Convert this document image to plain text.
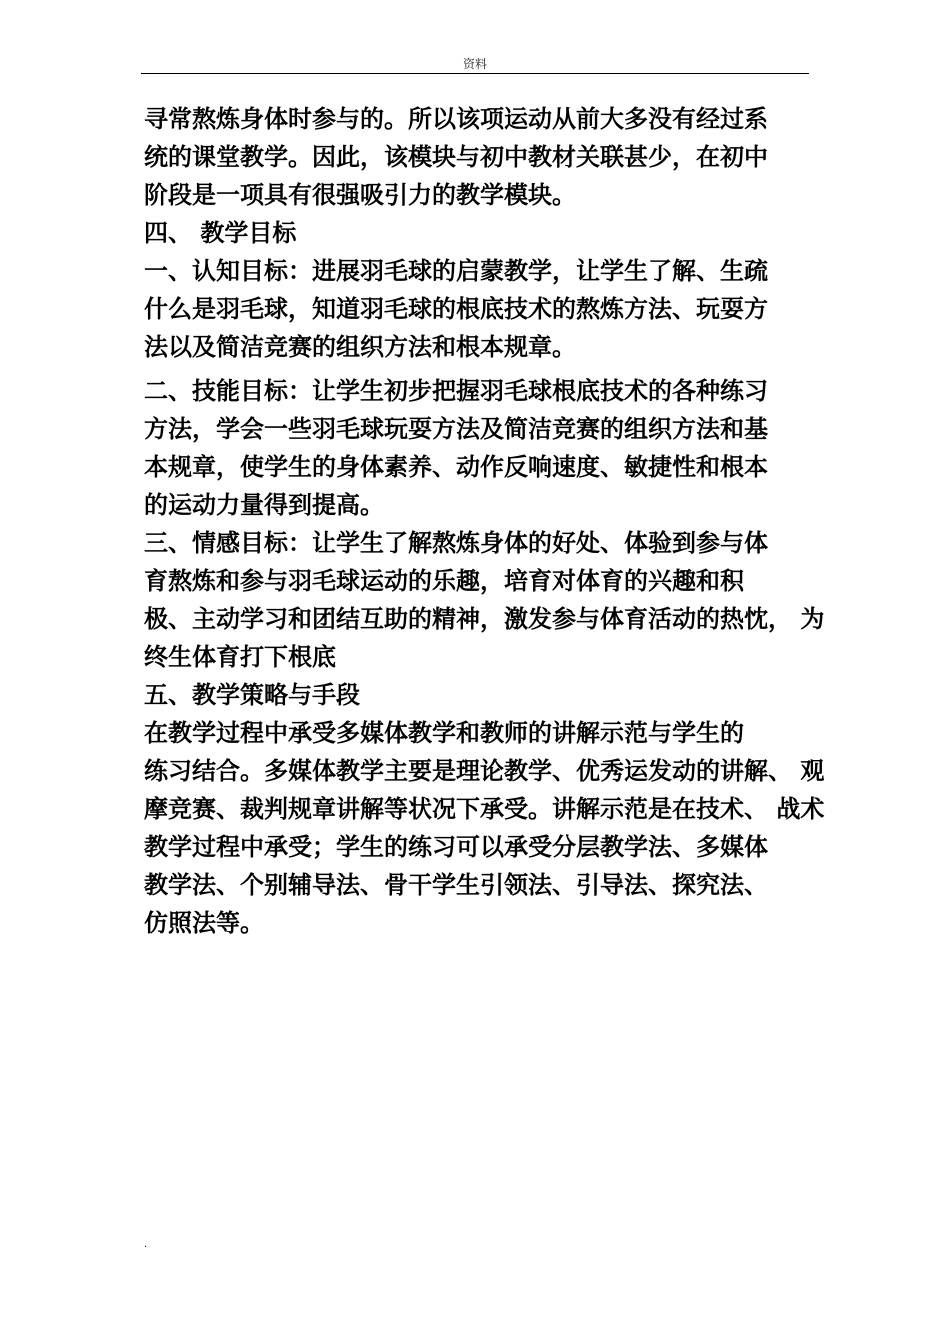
资料
寻常熬炼身体时参与的。所以该项运动从前大多没有经过系
统的课堂教学。因此，该模块与初中教材关联甚少，在初中
阶段是一项具有很强吸引力的教学模块。
四、 教学目标
一、认知目标：进展羽毛球的启蒙教学，让学生了解、生疏
什么是羽毛球，知道羽毛球的根底技术的熬炼方法、玩耍方
法以及简洁竞赛的组织方法和根本规章。
二、技能目标：让学生初步把握羽毛球根底技术的各种练习
方法，学会一些羽毛球玩耍方法及简洁竞赛的组织方法和基
本规章，使学生的身体素养、动作反响速度、敏捷性和根本
的运动力量得到提高。
三、情感目标：让学生了解熬炼身体的好处、体验到参与体
育熬炼和参与羽毛球运动的乐趣，培育对体育的兴趣和积
极、主动学习和团结互助的精神，激发参与体育活动的热忱， 为
终生体育打下根底
五、教学策略与手段
在教学过程中承受多媒体教学和教师的讲解示范与学生的
练习结合。多媒体教学主要是理论教学、优秀运发动的讲解、 观
摩竞赛、裁判规章讲解等状况下承受。讲解示范是在技术、 战术
教学过程中承受；学生的练习可以承受分层教学法、多媒体
教学法、个别辅导法、骨干学生引领法、引导法、探究法、
仿照法等。
.
